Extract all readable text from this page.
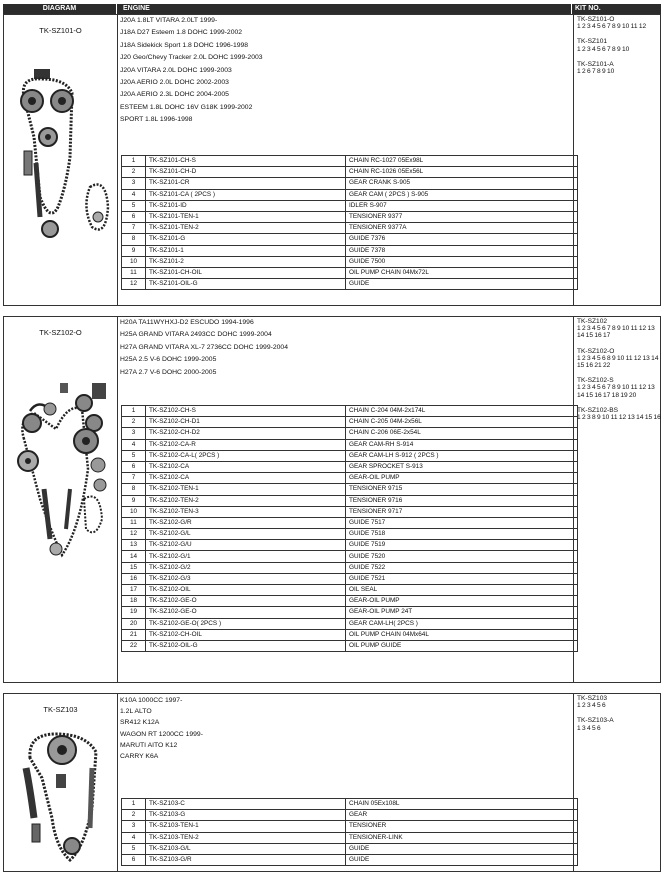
DIAGRAM	ENGINE	KIT NO.
TK-SZ101-O
J20A 1.8LT VITARA 2.0LT 1999-
J18A D27 Esteem 1.8 DOHC 1999-2002
J18A Sidekick Sport 1.8 DOHC 1996-1998
J20 Geo/Chevy Tracker 2.0L DOHC 1999-2003
J20A VITARA 2.0L DOHC 1999-2003
J20A AERIO 2.0L DOHC 2002-2003
J20A AERIO 2.3L DOHC 2004-2005
ESTEEM 1.8L DOHC 16V G18K 1999-2002
SPORT 1.8L 1996-1998
TK-SZ101-O
1 2 3 4 5 6 7 8 9 10 11 12
TK-SZ101
1 2 3 4 5 6 7 8 9 10
TK-SZ101-A
1 2 6 7 8 9 10
1	TK-SZ101-CH-S	CHAIN RC-1027 05Ex98L
2	TK-SZ101-CH-D	CHAIN RC-1026 05Ex56L
3	TK-SZ101-CR	GEAR CRANK S-905
4	TK-SZ101-CA ( 2PCS )	GEAR CAM ( 2PCS ) S-905
5	TK-SZ101-ID	IDLER S-907
6	TK-SZ101-TEN-1	TENSIONER 9377
7	TK-SZ101-TEN-2	TENSIONER 9377A
8	TK-SZ101-G	GUIDE 7376
9	TK-SZ101-1	GUIDE 7378
10	TK-SZ101-2	GUIDE 7500
11	TK-SZ101-CH-OIL	OIL PUMP CHAIN 04Mx72L
12	TK-SZ101-OIL-G	GUIDE
TK-SZ102-O
H20A TA11WYHXJ-D2 ESCUDO 1994-1996
H25A GRAND VITARA 2493CC DOHC 1999-2004
H27A GRAND VITARA XL-7 2736CC DOHC 1999-2004
H25A 2.5 V-6 DOHC 1999-2005
H27A 2.7 V-6 DOHC 2000-2005
TK-SZ102
1 2 3 4 5 6 7 8 9 10 11 12 13 14 15 16 17
TK-SZ102-O
1 2 3 4 5 6 8 9 10 11 12 13 14 15 16 21 22
TK-SZ102-S
1 2 3 4 5 6 7 8 9 10 11 12 13 14 15 16 17 18 19 20
TK-SZ102-BS
1 2 3 8 9 10 11 12 13 14 15 16
1	TK-SZ102-CH-S	CHAIN C-204 04M-2x174L
2	TK-SZ102-CH-D1	CHAIN C-205 04M-2x56L
3	TK-SZ102-CH-D2	CHAIN C-206 06E-2x54L
4	TK-SZ102-CA-R	GEAR CAM-RH S-914
5	TK-SZ102-CA-L( 2PCS )	GEAR CAM-LH S-912 ( 2PCS )
6	TK-SZ102-CA	GEAR SPROCKET S-913
7	TK-SZ102-CA	GEAR-OIL PUMP
8	TK-SZ102-TEN-1	TENSIONER 9715
9	TK-SZ102-TEN-2	TENSIONER 9716
10	TK-SZ102-TEN-3	TENSIONER 9717
11	TK-SZ102-G/R	GUIDE 7517
12	TK-SZ102-G/L	GUIDE 7518
13	TK-SZ102-G/U	GUIDE 7519
14	TK-SZ102-G/1	GUIDE 7520
15	TK-SZ102-G/2	GUIDE 7522
16	TK-SZ102-G/3	GUIDE 7521
17	TK-SZ102-OIL	OIL SEAL
18	TK-SZ102-GE-O	GEAR-OIL PUMP
19	TK-SZ102-GE-O	GEAR-OIL PUMP 24T
20	TK-SZ102-GE-O( 2PCS )	GEAR CAM-LH( 2PCS )
21	TK-SZ102-CH-OIL	OIL PUMP CHAIN 04Mx64L
22	TK-SZ102-OIL-G	OIL PUMP GUIDE
TK-SZ103
K10A 1000CC 1997-
1.2L ALTO
SR412 K12A
WAGON RT 1200CC 1999-
MARUTI AITO K12
CARRY K6A
TK-SZ103
1 2 3 4 5 6
TK-SZ103-A
1 3 4 5 6
1	TK-SZ103-C	CHAIN 05Ex108L
2	TK-SZ103-G	GEAR
3	TK-SZ103-TEN-1	TENSIONER
4	TK-SZ103-TEN-2	TENSIONER-LINK
5	TK-SZ103-G/L	GUIDE
6	TK-SZ103-G/R	GUIDE
